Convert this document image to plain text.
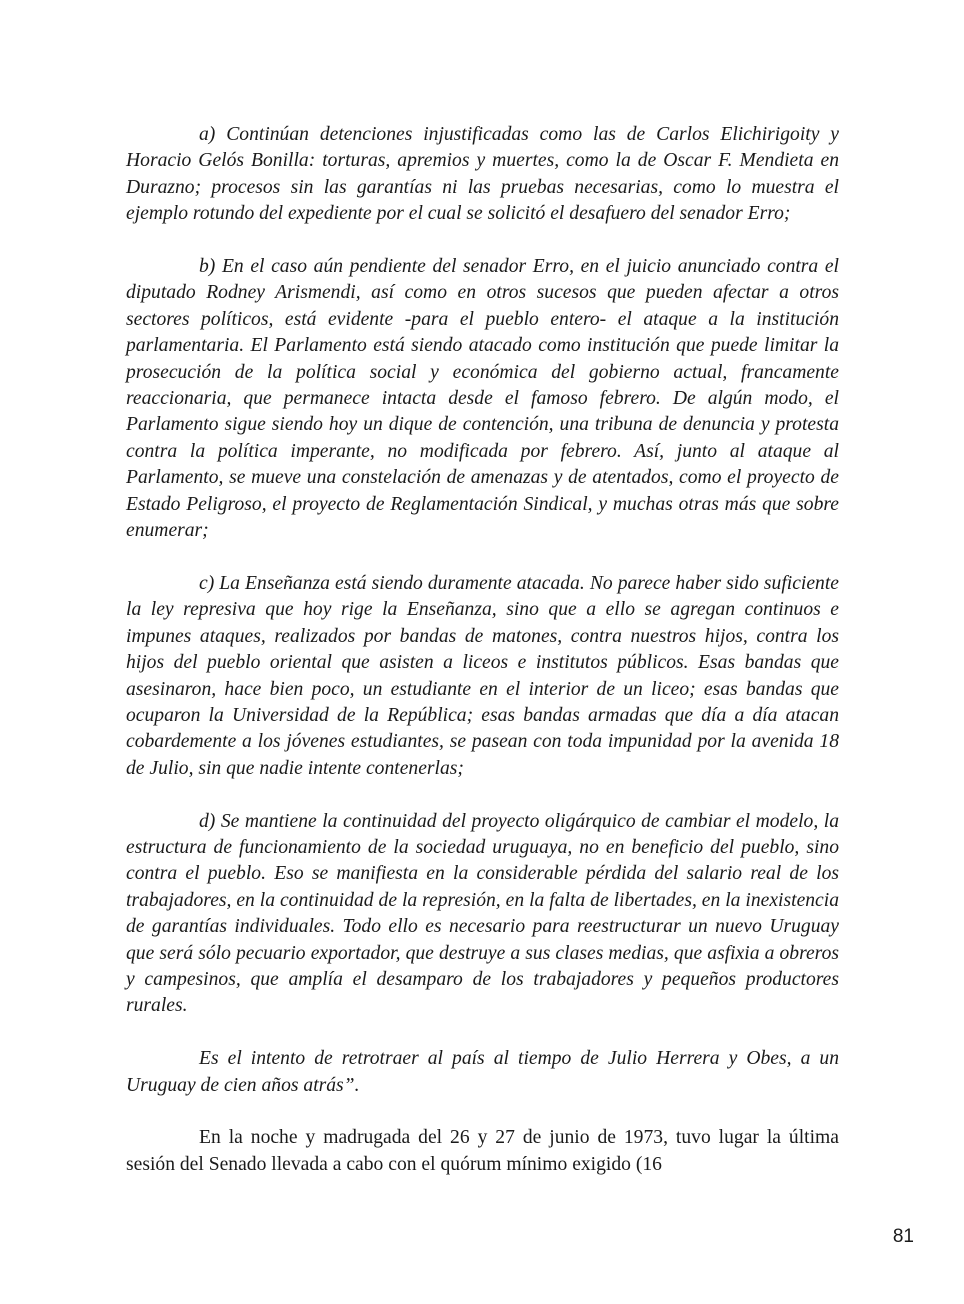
a) Continúan detenciones injustificadas como las de Carlos Elichirigoity y Horacio Gelós Bonilla: torturas, apremios y muertes, como la de Oscar F. Mendieta en Durazno; procesos sin las garantías ni las pruebas necesarias, como lo muestra el ejemplo rotundo del expediente por el cual se solicitó el desafuero del senador Erro;

b) En el caso aún pendiente del senador Erro, en el juicio anunciado contra el diputado Rodney Arismendi, así como en otros sucesos que pueden afectar a otros sectores políticos, está evidente -para el pueblo entero- el ataque a la institución parlamentaria. El Parlamento está siendo atacado como institución que puede limitar la prosecución de la política social y económica del gobierno actual, francamente reaccionaria, que permanece intacta desde el famoso febrero. De algún modo, el Parlamento sigue siendo hoy un dique de contención, una tribuna de denuncia y protesta contra la política imperante, no modificada por febrero. Así, junto al ataque al Parlamento, se mueve una constelación de amenazas y de atentados, como el proyecto de Estado Peligroso, el proyecto de Reglamentación Sindical, y muchas otras más que sobre enumerar;

c) La Enseñanza está siendo duramente atacada. No parece haber sido suficiente la ley represiva que hoy rige la Enseñanza, sino que a ello se agregan continuos e impunes ataques, realizados por bandas de matones, contra nuestros hijos, contra los hijos del pueblo oriental que asisten a liceos e institutos públicos. Esas bandas que asesinaron, hace bien poco, un estudiante en el interior de un liceo; esas bandas que ocuparon la Universidad de la República; esas bandas armadas que día a día atacan cobardemente a los jóvenes estudiantes, se pasean con toda impunidad por la avenida 18 de Julio, sin que nadie intente contenerlas;

d) Se mantiene la continuidad del proyecto oligárquico de cambiar el modelo, la estructura de funcionamiento de la sociedad uruguaya, no en beneficio del pueblo, sino contra el pueblo. Eso se manifiesta en la considerable pérdida del salario real de los trabajadores, en la continuidad de la represión, en la falta de libertades, en la inexistencia de garantías individuales. Todo ello es necesario para reestructurar un nuevo Uruguay que será sólo pecuario exportador, que destruye a sus clases medias, que asfixia a obreros y campesinos, que amplía el desamparo de los trabajadores y pequeños productores rurales.

Es el intento de retrotraer al país al tiempo de Julio Herrera y Obes, a un Uruguay de cien años atrás”.

En la noche y madrugada del 26 y 27 de junio de 1973, tuvo lugar la última sesión del Senado llevada a cabo con el quórum mínimo exigido (16

81
